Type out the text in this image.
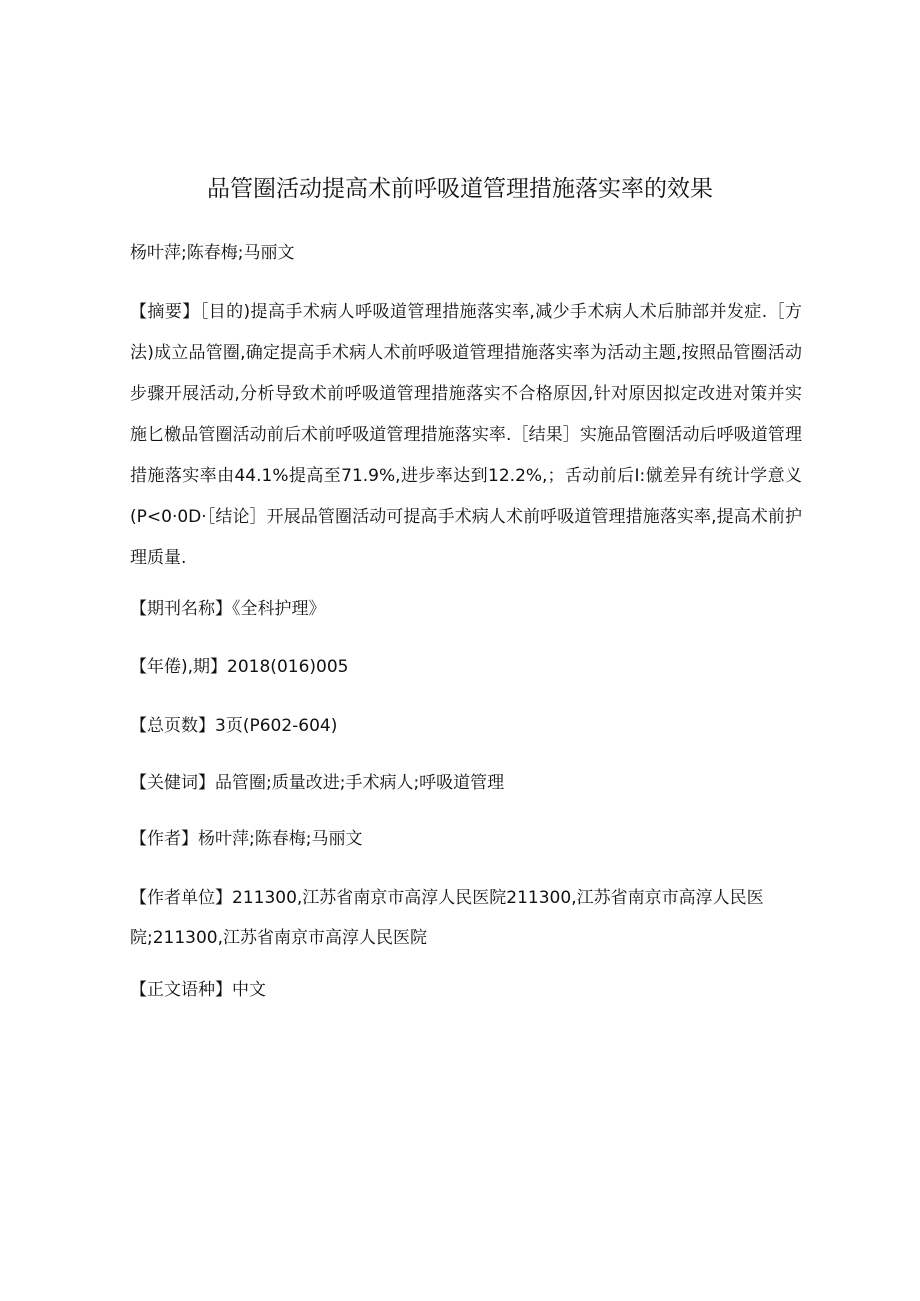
品管圈活动提高术前呼吸道管理措施落实率的效果

杨叶萍;陈春梅;马丽文

【摘要】［目的)提高手术病人呼吸道管理措施落实率,减少手术病人术后肺部并发症.［方法)成立品管圈,确定提高手术病人术前呼吸道管理措施落实率为活动主题,按照品管圈活动步骤开展活动,分析导致术前呼吸道管理措施落实不合格原因,针对原因拟定改进对策并实施匕檄品管圈活动前后术前呼吸道管理措施落实率.［结果］实施品管圈活动后呼吸道管理措施落实率由44.1%提高至71.9%,进步率达到12.2%,；舌动前后I:僦差异有统计学意义(P<0·0D·［结论］开展品管圈活动可提高手术病人术前呼吸道管理措施落实率,提高术前护理质量.

【期刊名称】《全科护理》

【年倦),期】2018(016)005

【总页数】3页(P602-604)

【关健词】品管圈;质量改进;手术病人;呼吸道管理

【作者】杨叶萍;陈春梅;马丽文

【作者单位】211300,江苏省南京市高淳人民医院211300,江苏省南京市高淳人民医院;211300,江苏省南京市高淳人民医院

【正文语种】中文
